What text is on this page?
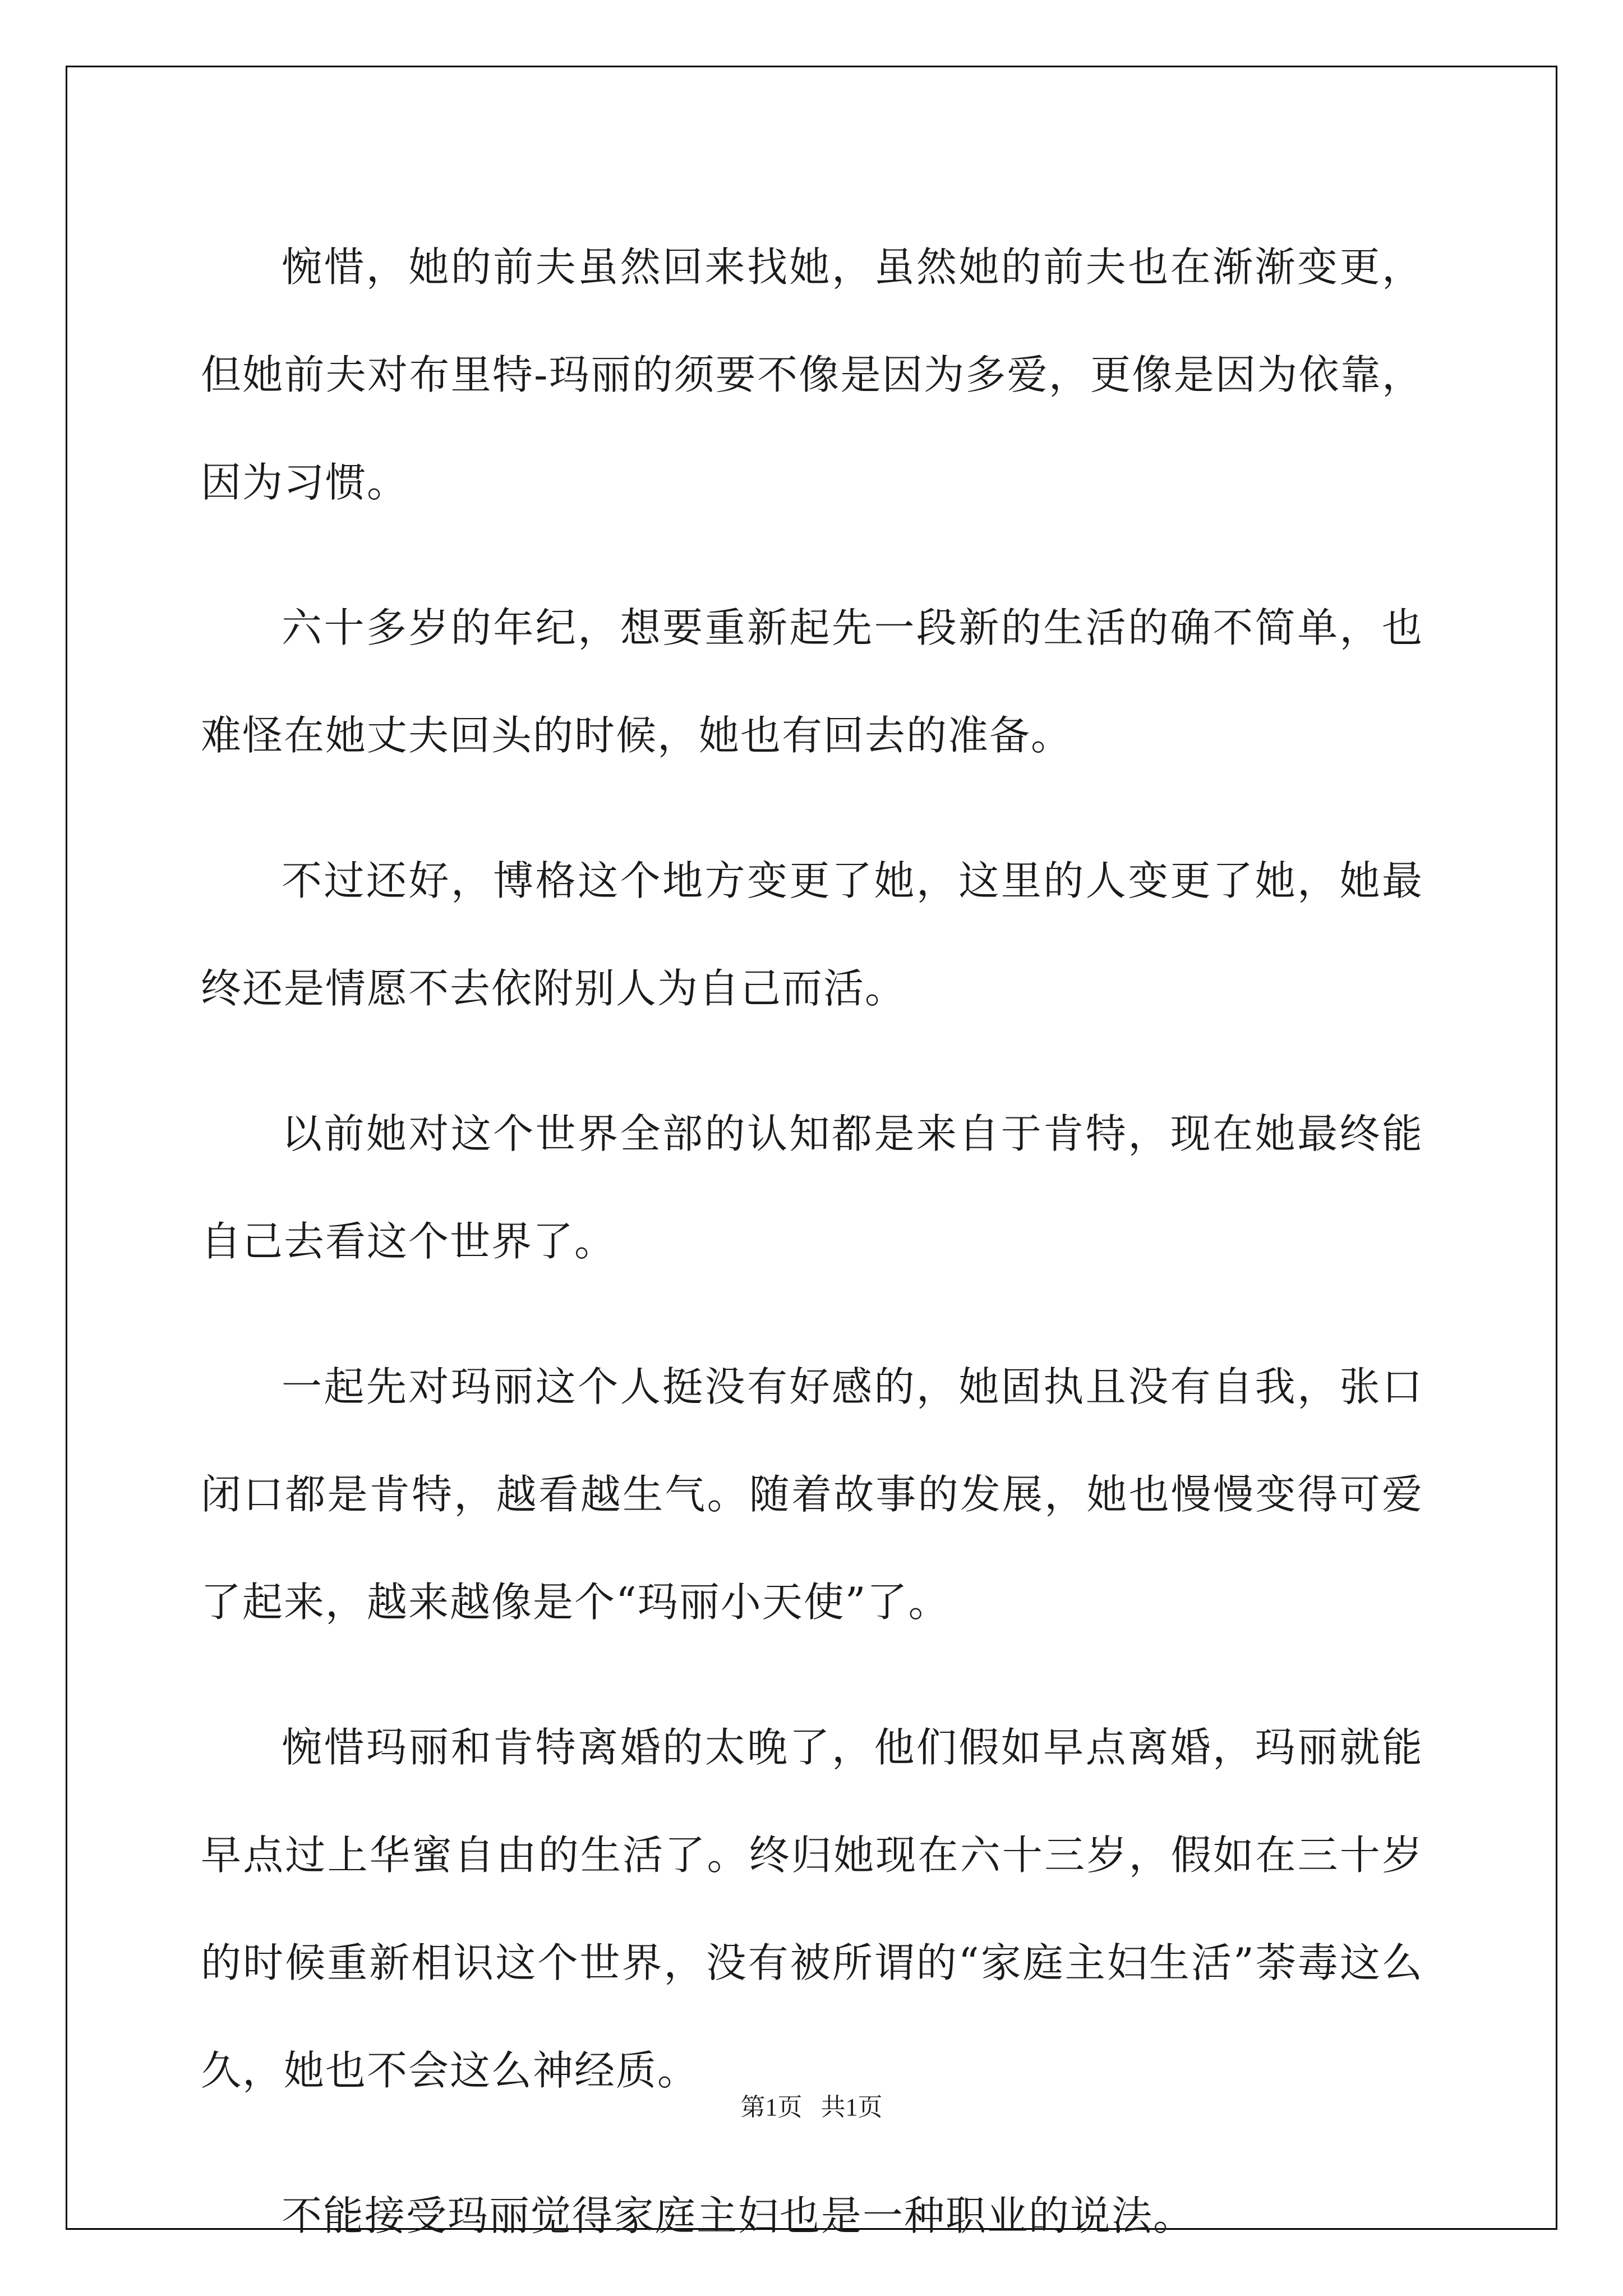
惋惜，她的前夫虽然回来找她，虽然她的前夫也在渐渐变更，但她前夫对布里特-玛丽的须要不像是因为多爱，更像是因为依靠，因为习惯。

六十多岁的年纪，想要重新起先一段新的生活的确不简单，也难怪在她丈夫回头的时候，她也有回去的准备。

不过还好，博格这个地方变更了她，这里的人变更了她，她最终还是情愿不去依附别人为自己而活。

以前她对这个世界全部的认知都是来自于肯特，现在她最终能自己去看这个世界了。

一起先对玛丽这个人挺没有好感的，她固执且没有自我，张口闭口都是肯特，越看越生气。随着故事的发展，她也慢慢变得可爱了起来，越来越像是个“玛丽小天使”了。

惋惜玛丽和肯特离婚的太晚了，他们假如早点离婚，玛丽就能早点过上华蜜自由的生活了。终归她现在六十三岁，假如在三十岁的时候重新相识这个世界，没有被所谓的“家庭主妇生活”荼毒这么久，她也不会这么神经质。

不能接受玛丽觉得家庭主妇也是一种职业的说法。

第1页   共1页
